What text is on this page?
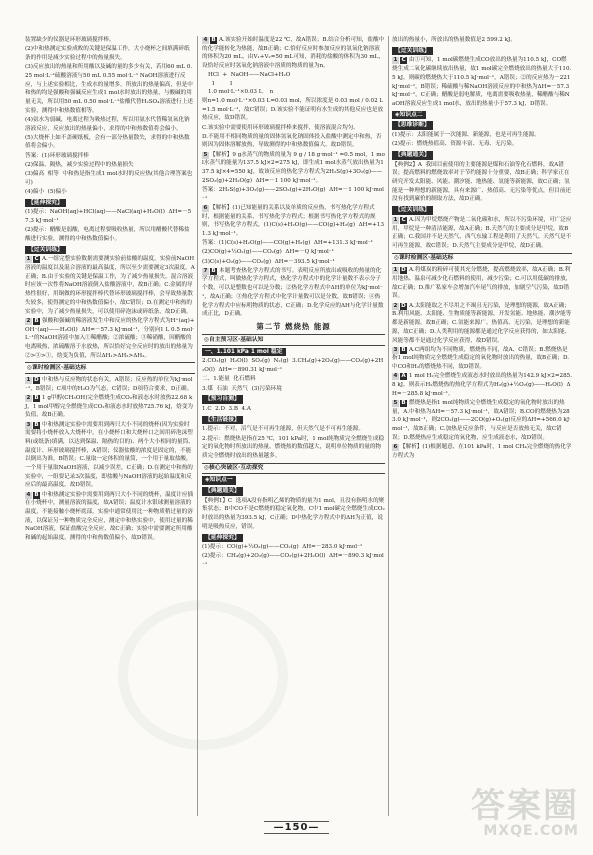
装置缺少的仪器是环形玻璃搅拌棒。
(2)中和热测定实验成败的关键是保温工作，大小烧杯之间填满碎纸条的作用是减少实验过程中的热量损失。
(3)反应放出的热量和所用酸以及碱的量的多少有关，若用60 mL 0.25 mol·L⁻¹硫酸溶液与50 mL 0.55 mol·L⁻¹ NaOH溶液进行反应，与上述实验相比，生成水的量增多，所放出的热量偏高，但是中和热的均是强酸和强碱反应生成1 mol水时放出的热量，与酸碱的用量无关，所以用50 mL 0.50 mol·L⁻¹盐酸代替H₂SO₄溶液进行上述实验，测得中和热数值相等。
(4)氨水为弱碱，电离过程为吸热过程，所以用氨水代替稀氢氧化钠溶液反应，反应放出的热量偏小，求得的中和热数值将会偏小。
(5)大烧杯上如不盖硬纸板，会有一部分热量散失，求得的中和热数值将会偏小。
答案：(1)环形玻璃搅拌棒
(2)保温、隔热，减少实验过程中的热量损失
(3)偏高  相等  中和热是指生成1 mol水时的反应热(其他合理答案也可)
(4)偏小  (5)偏小
【延伸探究】
(1)提示：NaOH(aq)+HCl(aq)——NaCl(aq)+H₂O(l)  ΔH=－57.3 kJ·mol⁻¹
(2)提示：醋酸是弱酸，电离过程要吸收热量，所以用醋酸代替稀盐酸进行实验，测得的中和热数值偏小。
【过关训练】
1 C A.一组完整实验数据需要测实验前盐酸的温度，实验前NaOH溶液的温度以及混合溶液的最高温度，所以至少需要测定3次温度，A正确；B.由于实验的关键是保温工作，为了减少热量损失，混合溶液时应该一次性将NaOH溶液倒入盐酸溶液中，故B正确；C.金属的导热性很好，用铜做的环形搅拌棒代替环形玻璃搅拌棒，会导致热量散失较多，使得测定的中和热数值偏小，故C错误；D.在测定中和热的实验中，为了减少热量损失，可以使用碎泡沫或碎纸条，故D正确。
2 B 强酸和强碱的稀溶液发生中和反应的热化学方程式为H⁺(aq)+OH⁻(aq)——H₂O(l)  ΔH=－57.3 kJ·mol⁻¹，分别向1 L 0.5 mol·L⁻¹的NaOH溶液中加入①稀醋酸；②浓硫酸；③稀硝酸，因醋酸的电离吸热，浓硫酸溶于水放热，所以恰好完全反应时的放出的热量为②>③>①，焓变为负值，所以ΔH₁>ΔH₃>ΔH₂。
◎课时检测区·基础达标
1 D 中和热与反应物的状态有关，A错误；反应热的单位为kJ·mol⁻¹，B错误；C项中的H₂O为气态，C错误；D项符合要求，D正确。
2 B 1 g甲醇(CH₃OH)完全燃烧生成CO₂和液态水时放热22.68 kJ，1 mol甲醇完全燃烧生成CO₂和液态水时放热725.76 kJ，焓变为负值，故B正确。
3 B 中和热测定实验中需要用到两只大小不同的烧杯(因为实验时需要将小烧杯放入大烧杯中，在小烧杯口和大烧杯口之间用碎泡沫塑料(或纸条)填满，以达到保温、隔热的目的)、两个大小相同的量筒、温度计、环形玻璃搅拌棒，A错误；仪器盐酸的浓度是固定的，不能以倒出为准，B错误；C.量取一定体积的量筒，一个用于量取盐酸，一个用于量取NaOH溶液，以减少误差，C正确；D.在测定中和热的实验中，一组要记录3次温度，即盐酸与NaOH溶液的起始温度和反应后的最高温度，故D错误。
4 B 中和热测定实验中需要用到两只大小不同的烧杯，温度计应插在小烧杯中，测量溶液的温度，故A错误；温度计水银球测量溶液的温度，不能接触小烧杯底部，实验中通常使用比一种物质稍过量的溶液，以保证另一种物质完全反应，测定中和热实验中，使用过量的稀NaOH溶液，保证盐酸完全反应，故C正确；实验中需要测定所用酸和碱的起始温度，测得的中和热数值偏小，故D错误。
4 B A.该实验开始时温度是22 ℃，故A错误；B.结合分析可知，盐酸中的化学能转化为热能，故B正确；C.恰好反应时参加反应的氢氧化钠溶液的体积为20 mL，由V₁+V₂=50 mL可知，消耗的盐酸的体积为30 mL，设恰好反应时氢氧化钠溶液中溶质的物质的量为n。
HCl  +  NaOH——NaCl+H₂O
1        1
1.0 mol·L⁻¹×0.03 L    n
则n=1.0 mol·L⁻¹×0.03 L=0.03 mol，所以浓度是 0.03 mol / 0.02 L =1.5 mol·L⁻¹，故C错误；D.该实验不能证明有水生成的其他反应也是放热反应，故D错误。
C.该实验中需要使用环形玻璃搅拌棒来搅拌，使溶液混合均匀。
D.不能用不相同物质的量的固体氢氧化钠固体投入盐酸中测定中和热，否则因为固体溶解放热，导致测得的中和热数值偏大，故D错误。
5 【解析】9 g水蒸气的物质的量为 9 g / 18 g·mol⁻¹ =0.5 mol，1 mol水蒸气的能量为137.5 kJ×2=275 kJ，即生成1 mol水蒸气放出热量为137.5 kJ×4=550 kJ，故该反应的热化学方程式为2H₂S(g)+3O₂(g)——2SO₂(g)+2H₂O(g)  ΔH=－1 100 kJ·mol⁻¹。
答案：2H₂S(g)+3O₂(g)——2SO₂(g)+2H₂O(g)  ΔH=－1 100 kJ·mol⁻¹
6 【解析】(1)已知能量的关系以及单质的反应热，书写热化学方程式时，根据能量的关系，书写热化学方程式；根据书写热化学方程式的规则，书写热化学方程式，(1)C(s)+H₂O(g)——CO(g)+H₂(g)  ΔH=+131.3 kJ·mol⁻¹。
答案：(1)C(s)+H₂O(g)——CO(g)+H₂(g)  ΔH=+131.3 kJ·mol⁻¹
(2)CO(g)+½O₂(g)——CO₂(g)  ΔH=－Q kJ·mol⁻¹
(3)C(s)+O₂(g)——CO₂(g)  ΔH=－393.5 kJ·mol⁻¹
7 B 本题考查热化学方程式的书写。表明反应所放出或吸收的热量的化学方程式，叫做热化学方程式，热化学方程式中的化学计量数不表示分子个数，可以是整数也可以是分数；②热化学方程式中ΔH的单位为kJ·mol⁻¹，故A正确；③热化学方程式中化学计量数可以是分数，故B错误；④热化学方程式中应标明物质的状态，C正确；D.化学反应的ΔH与化学计量数成正比，D正确。
第二节 燃烧热 能源
◎自主预习区·基础认知
一、1.101 kPa 1 mol 稳定
2.CO₂(g)  H₂O(l)  SO₂(g)  N₂(g)  3.CH₄(g)+2O₂(g)——CO₂(g)+2H₂O(l)  ΔH=－890.31 kJ·mol⁻¹
二、1.能量  化石燃料
3.煤  石油  天然气  (3)污染环境
【预习自测】
1.C  2.D  3.B  4.A
【生活链接】
1.提示：不对，沼气是不可再生能源，但天然气是不可再生能源。
2.提示：燃烧热是指在25 ℃，101 kPa时，1 mol纯物质完全燃烧生成稳定的氧化物时所放出的热量。燃烧热的数值越大，说明单位物质的量的物质完全燃烧时放出的热量越多。
◎核心突破区·互动探究
◈知识点一
【典题通关】
【典例1】C  选项A没有指明乙烯的物质的量为1 mol，且没有指明水的聚集状态；B中CO不是C燃烧的稳定氧化物，C中1 mol碳完全燃烧生成CO₂时放出的热量为393.5 kJ，C正确；D中热化学方程式中的ΔH为正值，说明是吸热反应，错误。
【延伸探究】
(1)提示：CO(g)+½O₂(g)——CO₂(g)  ΔH=－283.0 kJ·mol⁻¹
(2)提示：CH₄(g)+2O₂(g)——CO₂(g)+2H₂O(l)  ΔH=－890.3 kJ·mol⁻¹
放出的热量小，所放出的热量数值是2 599.2 kJ。
【过关训练】
1 C 由①可知，1 mol碳燃烧生成CO放出的热量为110.5 kJ，CO燃烧生成二氧化碳继续放出热量，故1 mol碳完全燃烧放出的热量大于110.5 kJ，则碳的燃烧热大于110.5 kJ·mol⁻¹，A错误；②的反应热为－221 kJ·mol⁻¹，B错误；稀硫酸与稀NaOH溶液反应的中和热为ΔH=－57.3 kJ·mol⁻¹，C正确；醋酸是弱电解质，电离需要吸收热量，稀醋酸与稀NaOH溶液反应生成1 mol水，放出的热量小于57.3 kJ，D错误。
◈知识点二
【思维诊断】
(1)提示：太阳能属于一次能源、新能源，也是可再生能源。
(2)提示：燃烧热值高、资源丰富、无毒、无污染。
【典题通关】
【典例2】A  我国目前使用的主要能源是煤和石油等化石燃料，故A错误；提高燃料的燃烧效率对于节约能源十分重要，故B正确；科学家正在研究开发太阳能、风能、潮汐能、地热能、氢能等新能源，故C正确；氢能是一种理想的新能源，具有来源广、热值高、无污染等优点，但目前还没有找到廉价的制取方法，故D正确。
【过关训练】
1 C A.因为甲烷燃烧产物是二氧化碳和水，所以不污染环境，可广泛应用，甲烷是一种清洁能源，故A正确；B.天然气的主要成分是甲烷，故B正确；C.我国并不是天然气、西气东输工程是利用了天然气、天然气是不可再生能源，故C错误；D.天然气主要成分是甲烷，故D正确。
◎课时检测区·基础达标
1 D A.将煤炭的粉碎可使其充分燃烧，提高燃烧效率，故A正确；B.利用地热、温泉可减少化石燃料的使用，减少污染；C.可以用低碳的排放，故C正确；D.推广私家车会增加汽车尾气的排放，加剧空气污染，故D错误。
2 D A.太阳能取之不尽用之不竭且无污染，是理想的能源，故A正确；B.利用风能、太阳能、生物质能等新能源，开发氢能、地热能、潮汐能等都是新能源，故B正确；C.氢能来源广、热值高、无污染，是理想的新能源，故C正确；D.人类利用的能源都是通过化学反应获得的，如太阳能、风能等都不是通过化学反应获得，故D错误。
3 B A.C两组均为不同物质，燃烧热不同，故A、C错误；B.燃烧热是指1 mol纯物质完全燃烧生成稳定的氧化物时放出的热量，故B正确；D.中CO和H₂的燃烧热不同，故D错误。
4 A 1 mol H₂完全燃烧生成液态水时放出的热量为142.9 kJ×2=285.8 kJ，则表示H₂燃烧热的热化学方程式为H₂(g)+½O₂(g)——H₂O(l)  ΔH=－285.8 kJ·mol⁻¹。
5 B 燃烧热是指1 mol纯物质完全燃烧生成稳定的氧化物时放出的热量，A.中和热为ΔH=－57.3 kJ·mol⁻¹，故A错误；B.CO的燃烧热为283.0 kJ·mol⁻¹，则2CO₂(g)——2CO(g)+O₂(g)反应的ΔH=+566.0 kJ·mol⁻¹，故B正确；C.加热是反应条件，与反应是否放热无关，故C错误；D.燃烧热应生成稳定的氧化物，应生成液态水，故D错误。
6 【解析】(1)根据题意，在101 kPa时，1 mol CH₄完全燃烧的热化学方程式为
—150—
答案圈
MXQE.COM
